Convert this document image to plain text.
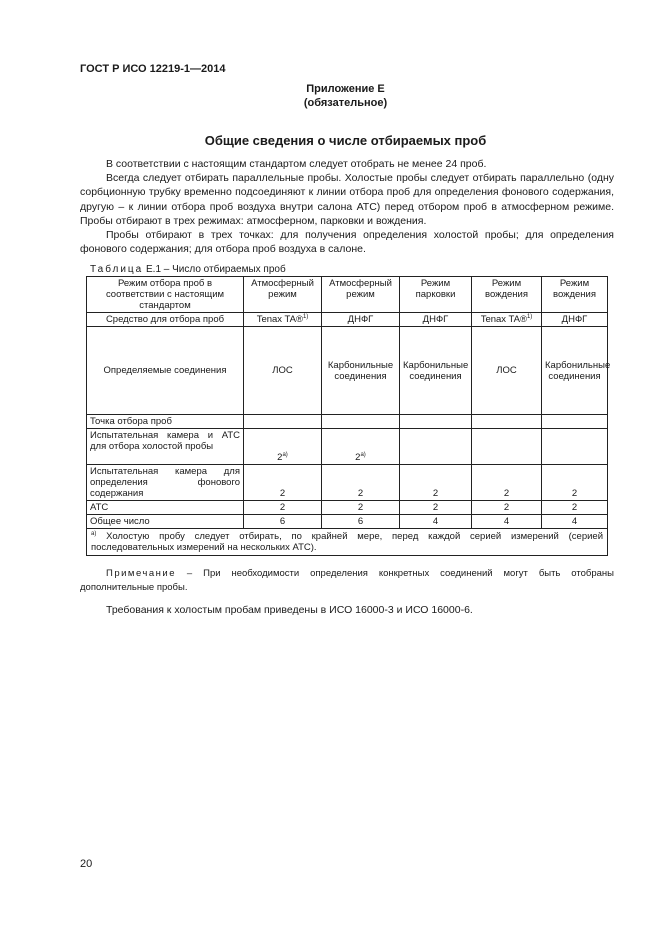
ГОСТ Р ИСО 12219-1—2014
Приложение Е
(обязательное)
Общие сведения о числе отбираемых проб

В соответствии с настоящим стандартом следует отобрать не менее 24 проб.

Всегда следует отбирать параллельные пробы. Холостые пробы следует отбирать параллельно (одну сорбционную трубку временно подсоединяют к линии отбора проб для определения фонового содержания, другую – к линии отбора проб воздуха внутри салона АТС) перед отбором проб в атмосферном режиме. Пробы отбирают в трех режимах: атмосферном, парковки и вождения.

Пробы отбирают в трех точках: для получения определения холостой пробы; для определения фонового содержания; для отбора проб воздуха в салоне.

Таблица Е.1 – Число отбираемых проб
Режим отбора проб в соответствии с настоящим стандартом	Атмосферный режим	Атмосферный режим	Режим парковки	Режим вождения	Режим вождения
Средство для отбора проб	Tenax TA®$^{1)}$	ДНФГ	ДНФГ	Tenax TA®$^{1)}$	ДНФГ
Определяемые соединения	ЛОС	Карбонильные соединения	Карбонильные соединения	ЛОС	Карбонильные соединения
Точка отбора проб					
Испытательная камера и АТС для отбора холостой пробы	2$^{a)}$	2$^{a)}$			
Испытательная камера для определения фонового содержания	2	2	2	2	2
АТС	2	2	2	2	2
Общее число	6	6	4	4	4
$^{a)}$ Холостую пробу следует отбирать, по крайней мере, перед каждой серией измерений (серией последовательных измерений на нескольких АТС).					
Примечание – При необходимости определения конкретных соединений могут быть отобраны дополнительные пробы.
Требования к холостым пробам приведены в ИСО 16000-3 и ИСО 16000-6.
20
